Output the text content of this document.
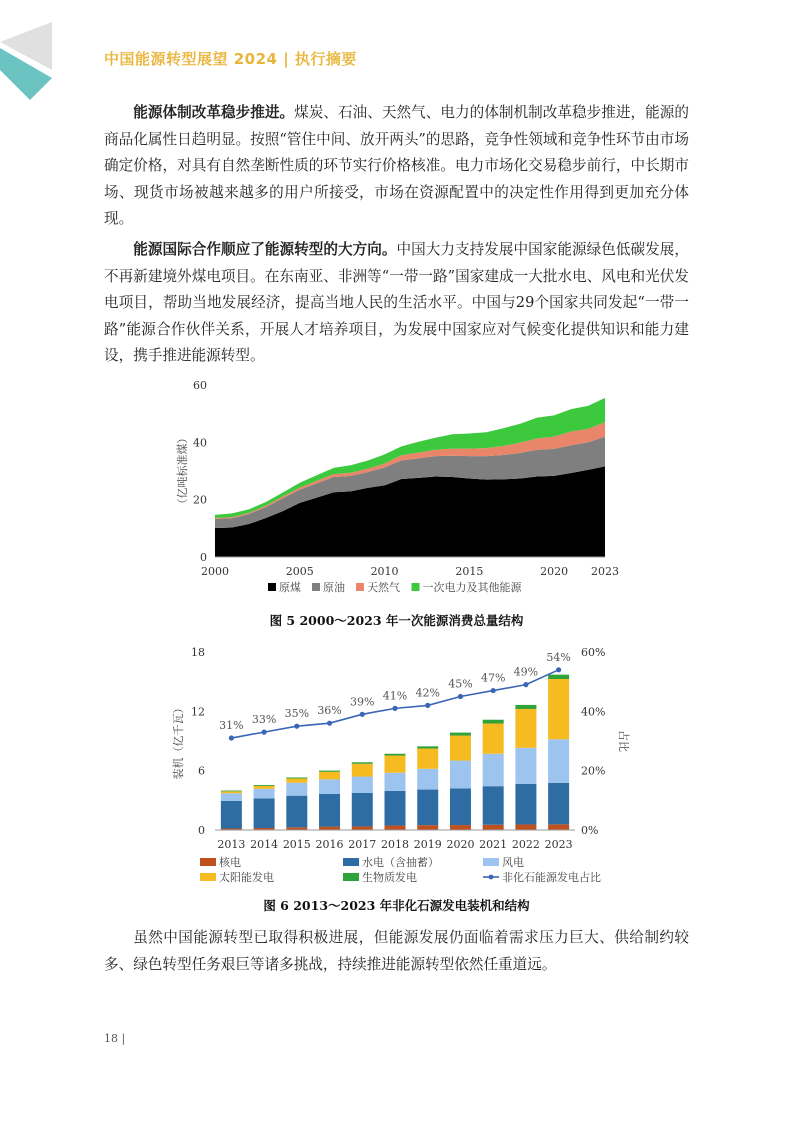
中国能源转型展望 2024 | 执行摘要

能源体制改革稳步推进。煤炭、石油、天然气、电力的体制机制改革稳步推进，能源的商品化属性日趋明显。按照“管住中间、放开两头”的思路，竞争性领域和竞争性环节由市场确定价格，对具有自然垄断性质的环节实行价格核准。电力市场化交易稳步前行，中长期市场、现货市场被越来越多的用户所接受，市场在资源配置中的决定性作用得到更加充分体现。

能源国际合作顺应了能源转型的大方向。中国大力支持发展中国家能源绿色低碳发展，不再新建境外煤电项目。在东南亚、非洲等“一带一路”国家建成一大批水电、风电和光伏发电项目，帮助当地发展经济，提高当地人民的生活水平。中国与29个国家共同发起“一带一路”能源合作伙伴关系，开展人才培养项目，为发展中国家应对气候变化提供知识和能力建设，携手推进能源转型。

0
20
40
60
（亿吨标准煤）
2000	2005	2010	2015	2020 2023
原煤 原油 天然气 一次电力及其他能源
图 5 2000～2023 年一次能源消费总量结构
0
6
12
18
0%
20%
40%
60%
装机（亿千瓦）	占比
2013 2014 2015 2016 2017 2018 2019 2020 2021 2022 2023
31% 33% 35% 36%
39% 41% 42%
45% 47% 49%
54%
核电	水电（含抽蓄）	风电
太阳能发电	生物质发电	非化石能源发电占比
图 6 2013～2023 年非化石源发电装机和结构

虽然中国能源转型已取得积极进展，但能源发展仍面临着需求压力巨大、供给制约较多、绿色转型任务艰巨等诸多挑战，持续推进能源转型依然任重道远。

18 |
